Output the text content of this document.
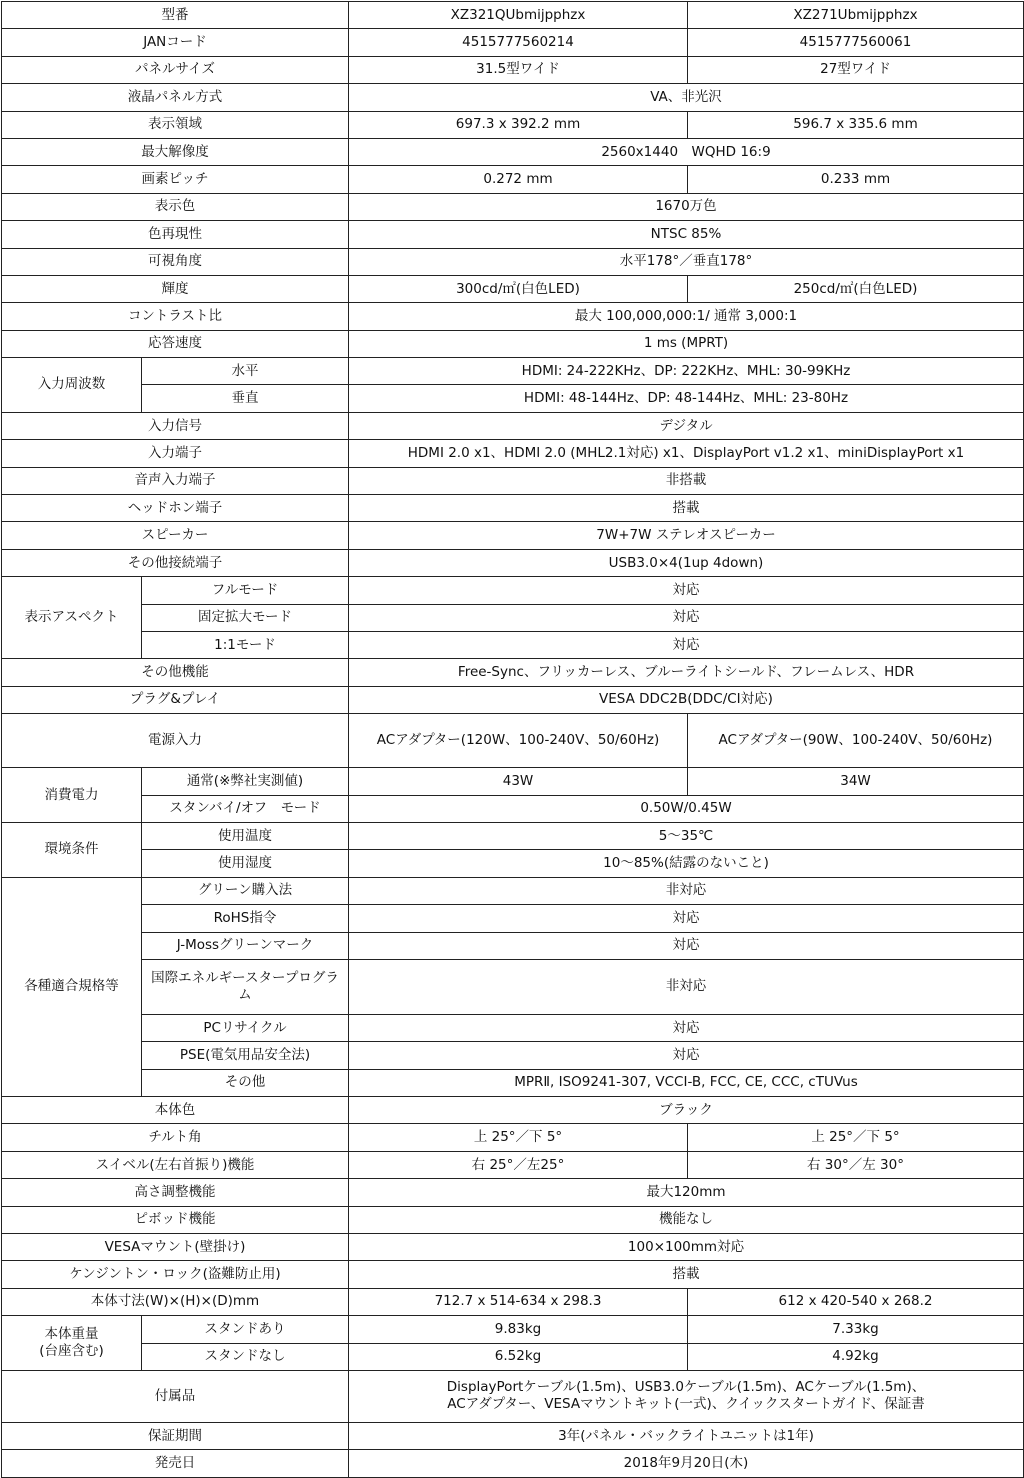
型番		XZ321QUbmijpphzx	XZ271Ubmijpphzx
JANコード		4515777560214	4515777560061
パネルサイズ		31.5型ワイド	27型ワイド
液晶パネル方式		VA、非光沢	
表示領域		697.3 x 392.2 mm	596.7 x 335.6 mm
最大解像度		2560x1440　WQHD 16:9	
画素ピッチ		0.272 mm	0.233 mm
表示色		1670万色	
色再現性		NTSC 85%	
可視角度		水平178°／垂直178°	
輝度		300cd/㎡(白色LED)	250cd/㎡(白色LED)
コントラスト比		最大 100,000,000:1/ 通常 3,000:1	
応答速度		1 ms (MPRT)	
入力周波数	水平	HDMI: 24-222KHz、DP: 222KHz、MHL: 30-99KHz	
	垂直	HDMI: 48-144Hz、DP: 48-144Hz、MHL: 23-80Hz	
入力信号		デジタル	
入力端子		HDMI 2.0 x1、HDMI 2.0 (MHL2.1対応) x1、DisplayPort v1.2 x1、miniDisplayPort x1	
音声入力端子		非搭載	
ヘッドホン端子		搭載	
スピーカー		7W+7W ステレオスピーカー	
その他接続端子		USB3.0×4(1up 4down)	
表示アスペクト	フルモード	対応	
	固定拡大モード	対応	
	1:1モード	対応	
その他機能		Free-Sync、フリッカーレス、ブルーライトシールド、フレームレス、HDR	
プラグ&プレイ		VESA DDC2B(DDC/CI対応)	
電源入力		ACアダプター(120W、100-240V、50/60Hz)	ACアダプター(90W、100-240V、50/60Hz)
消費電力	通常(※弊社実測値)	43W	34W
	スタンバイ/オフ　モード	0.50W/0.45W	
環境条件	使用温度	5～35℃	
	使用湿度	10～85%(結露のないこと)	
各種適合規格等	グリーン購入法	非対応	
	RoHS指令	対応	
	J-Mossグリーンマーク	対応	
	国際エネルギースタープログラム	非対応	
	PCリサイクル	対応	
	PSE(電気用品安全法)	対応	
	その他	MPRⅡ, ISO9241-307, VCCI-B, FCC, CE, CCC, cTUVus	
本体色		ブラック	
チルト角		上 25°／下 5°	上 25°／下 5°
スイベル(左右首振り)機能		右 25°／左25°	右 30°／左 30°
高さ調整機能		最大120mm	
ピボッド機能		機能なし	
VESAマウント(壁掛け)		100×100mm対応	
ケンジントン・ロック(盗難防止用)		搭載	
本体寸法(W)×(H)×(D)mm		712.7 x 514-634 x 298.3	612 x 420-540 x 268.2
本体重量
(台座含む)	スタンドあり	9.83kg	7.33kg
	スタンドなし	6.52kg	4.92kg
付属品		DisplayPortケーブル(1.5m)、USB3.0ケーブル(1.5m)、ACケーブル(1.5m)、
ACアダプター、VESAマウントキット(一式)、クイックスタートガイド、保証書	
保証期間		3年(パネル・バックライトユニットは1年)	
発売日		2018年9月20日(木)	
